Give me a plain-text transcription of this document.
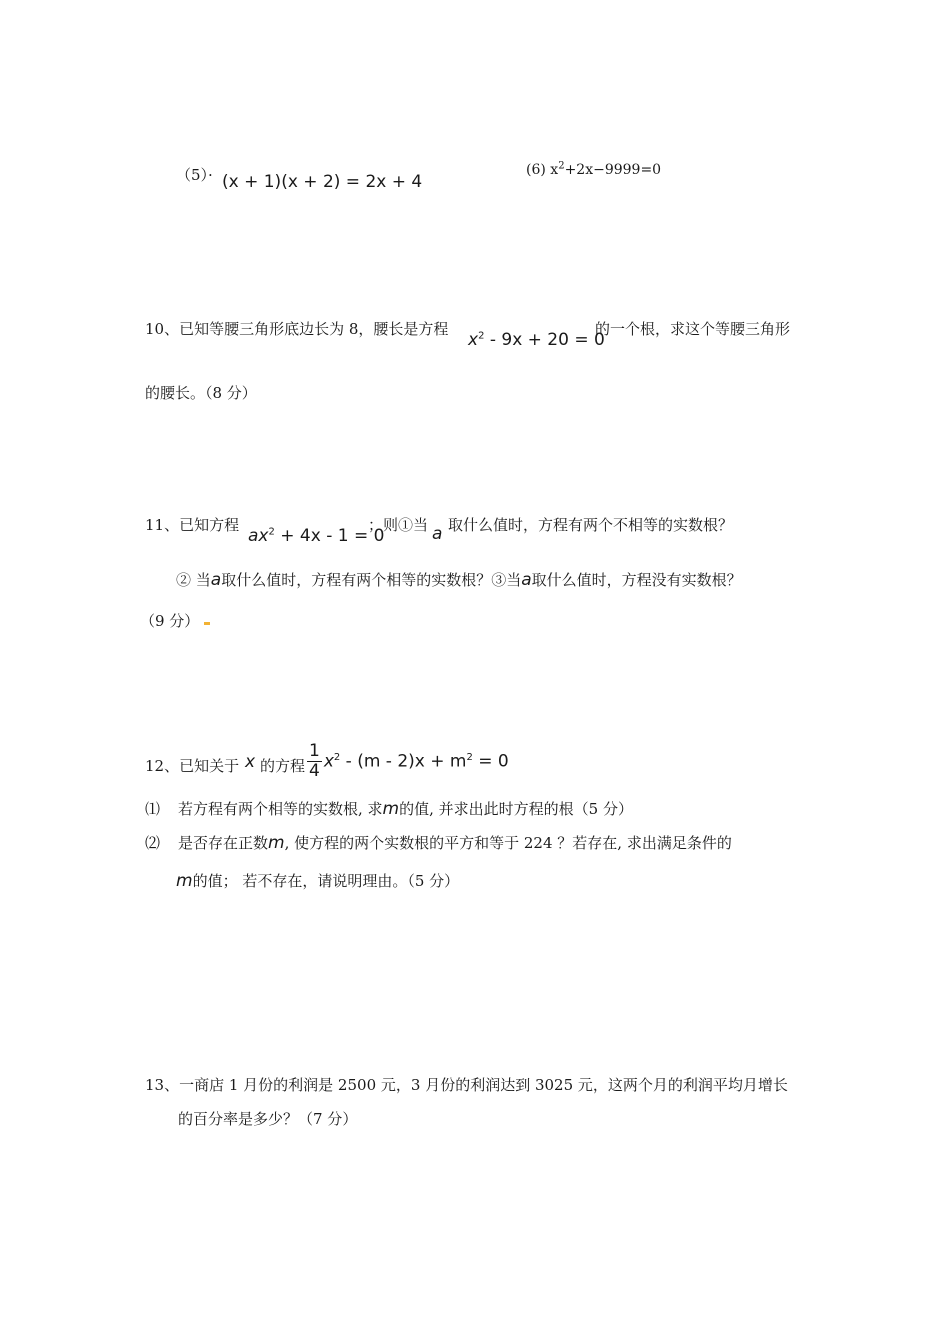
（5）· (x + 1)(x + 2) = 2x + 4
(6) $x^2+2x-9999=0$
10、已知等腰三角形底边长为 8，腰长是方程
$x^2 - 9x + 20 = 0$
的一个根，求这个等腰三角形
的腰长。（8 分）
11、已知方程
$ax^2 + 4x - 1 = 0$
；则①当 a 取什么值时，方程有两个不相等的实数根？
② 当a取什么值时，方程有两个相等的实数根？③当a取什么值时，方程没有实数根？
（9 分）
12、已知关于 x 的方程 $\frac{1}{4} x^2 - (m - 2)x + m^2 = 0$
⑴ 若方程有两个相等的实数根, 求m的值, 并求出此时方程的根（5 分）
⑵ 是否存在正数m, 使方程的两个实数根的平方和等于 224 ？若存在, 求出满足条件的
m的值； 若不存在，请说明理由。（5 分）
13、一商店 1 月份的利润是 2500 元，3 月份的利润达到 3025 元，这两个月的利润平均月增长
的百分率是多少？（7 分）
